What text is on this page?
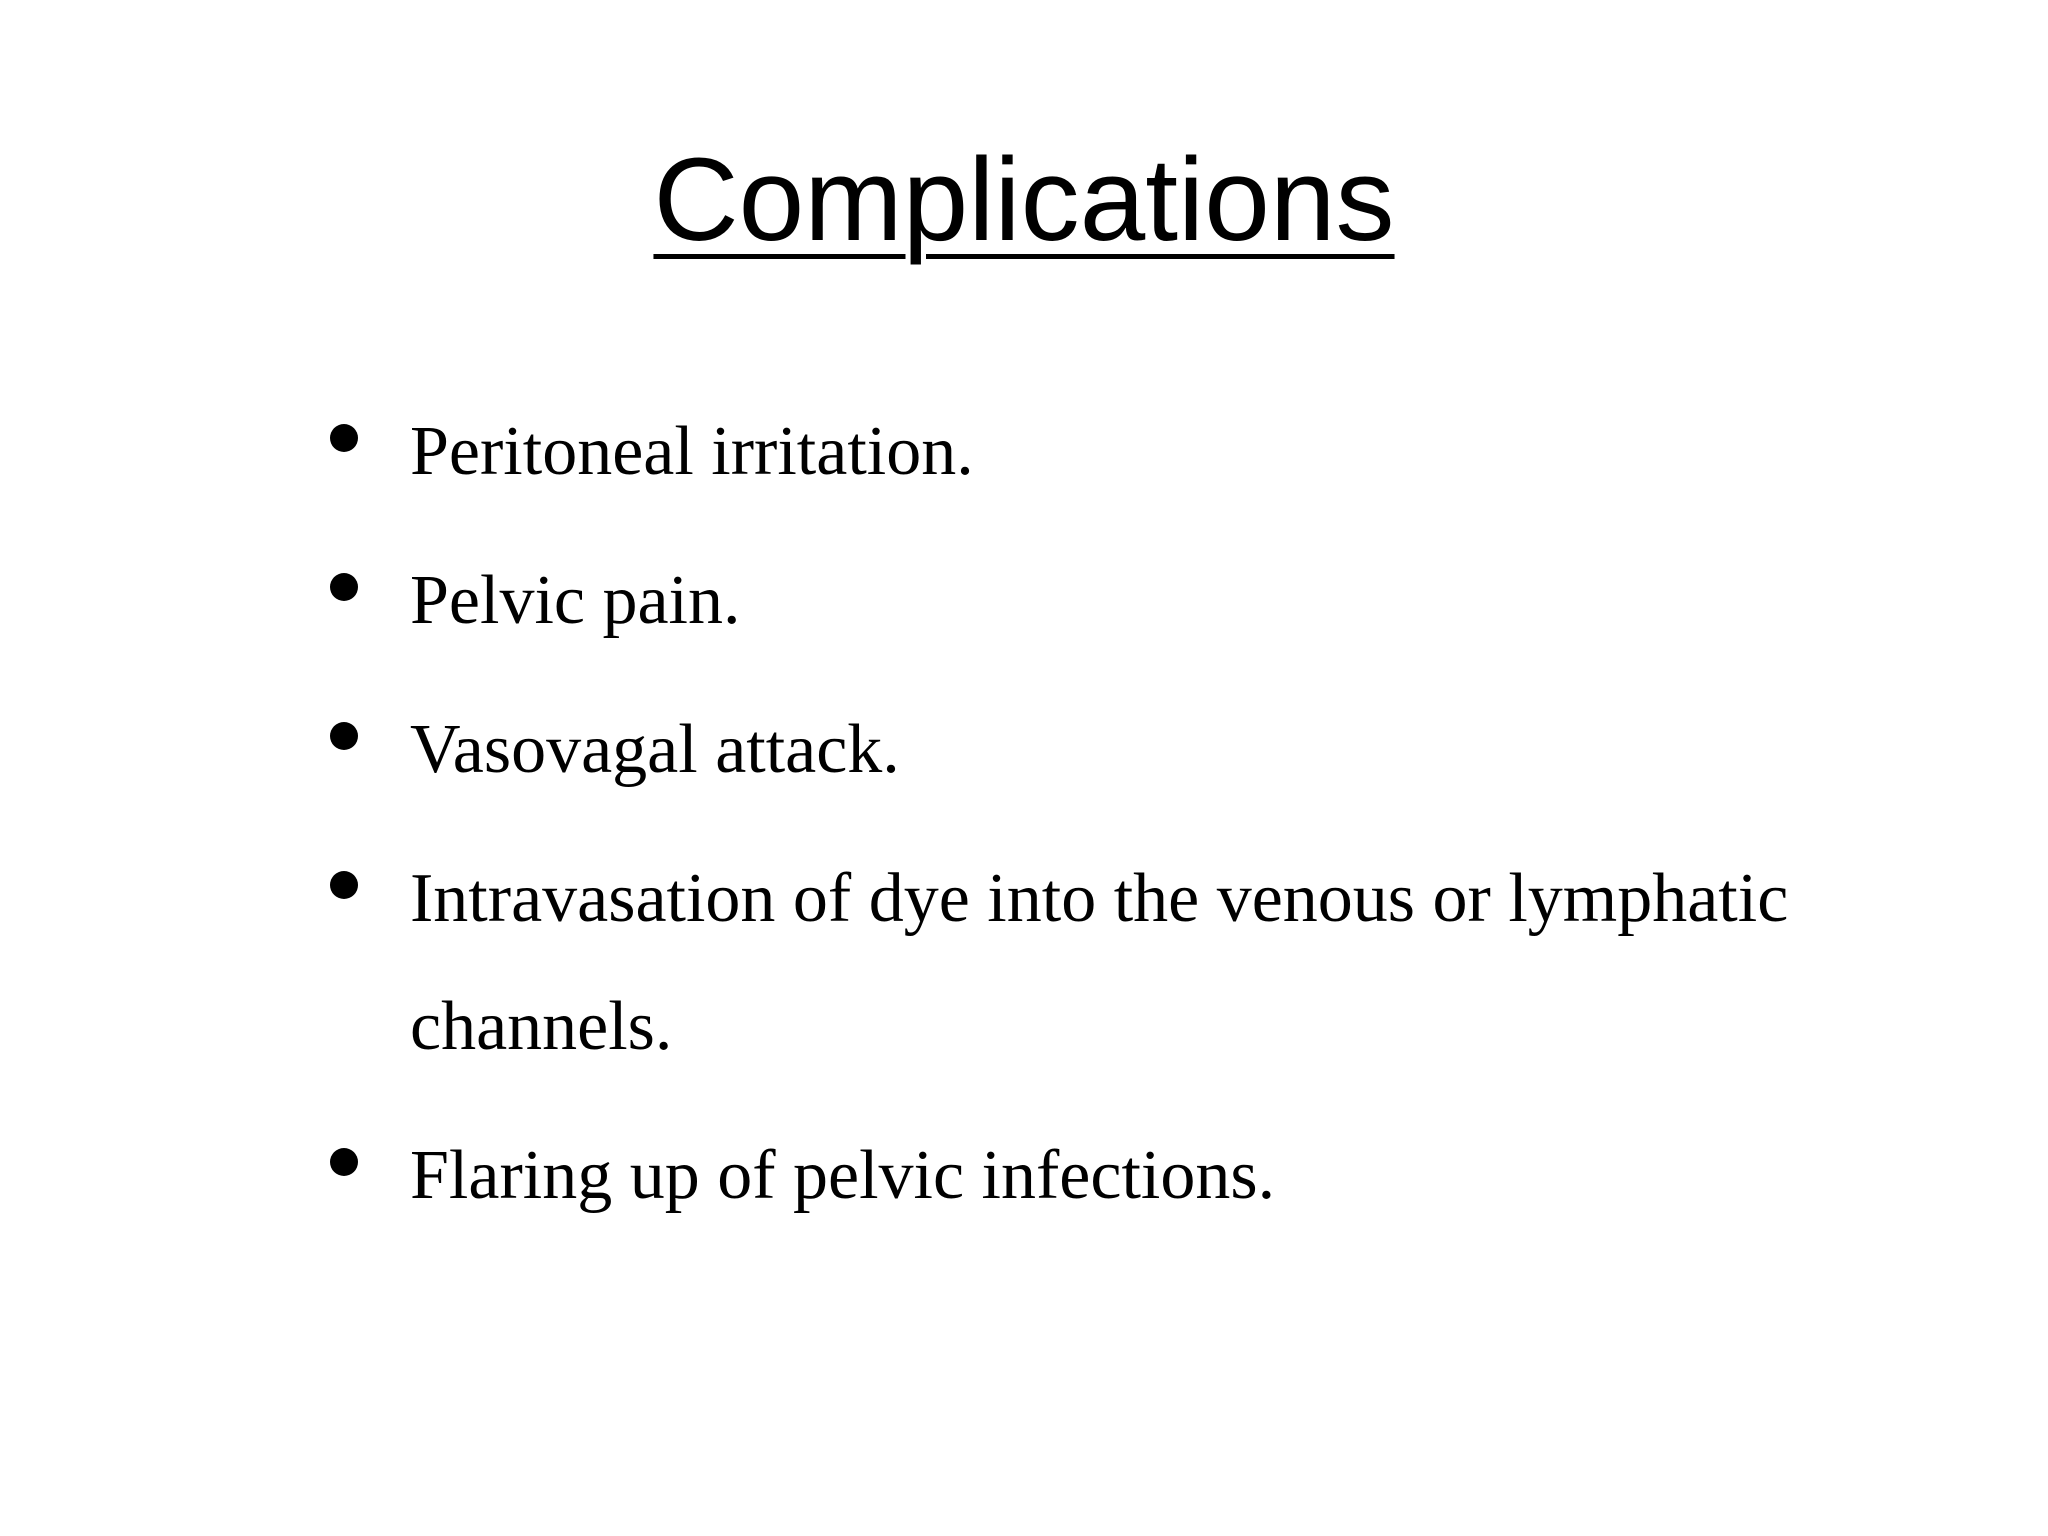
Complications
Peritoneal irritation.
Pelvic pain.
Vasovagal attack.
Intravasation of dye into the venous or lymphatic channels.
Flaring up of pelvic infections.
